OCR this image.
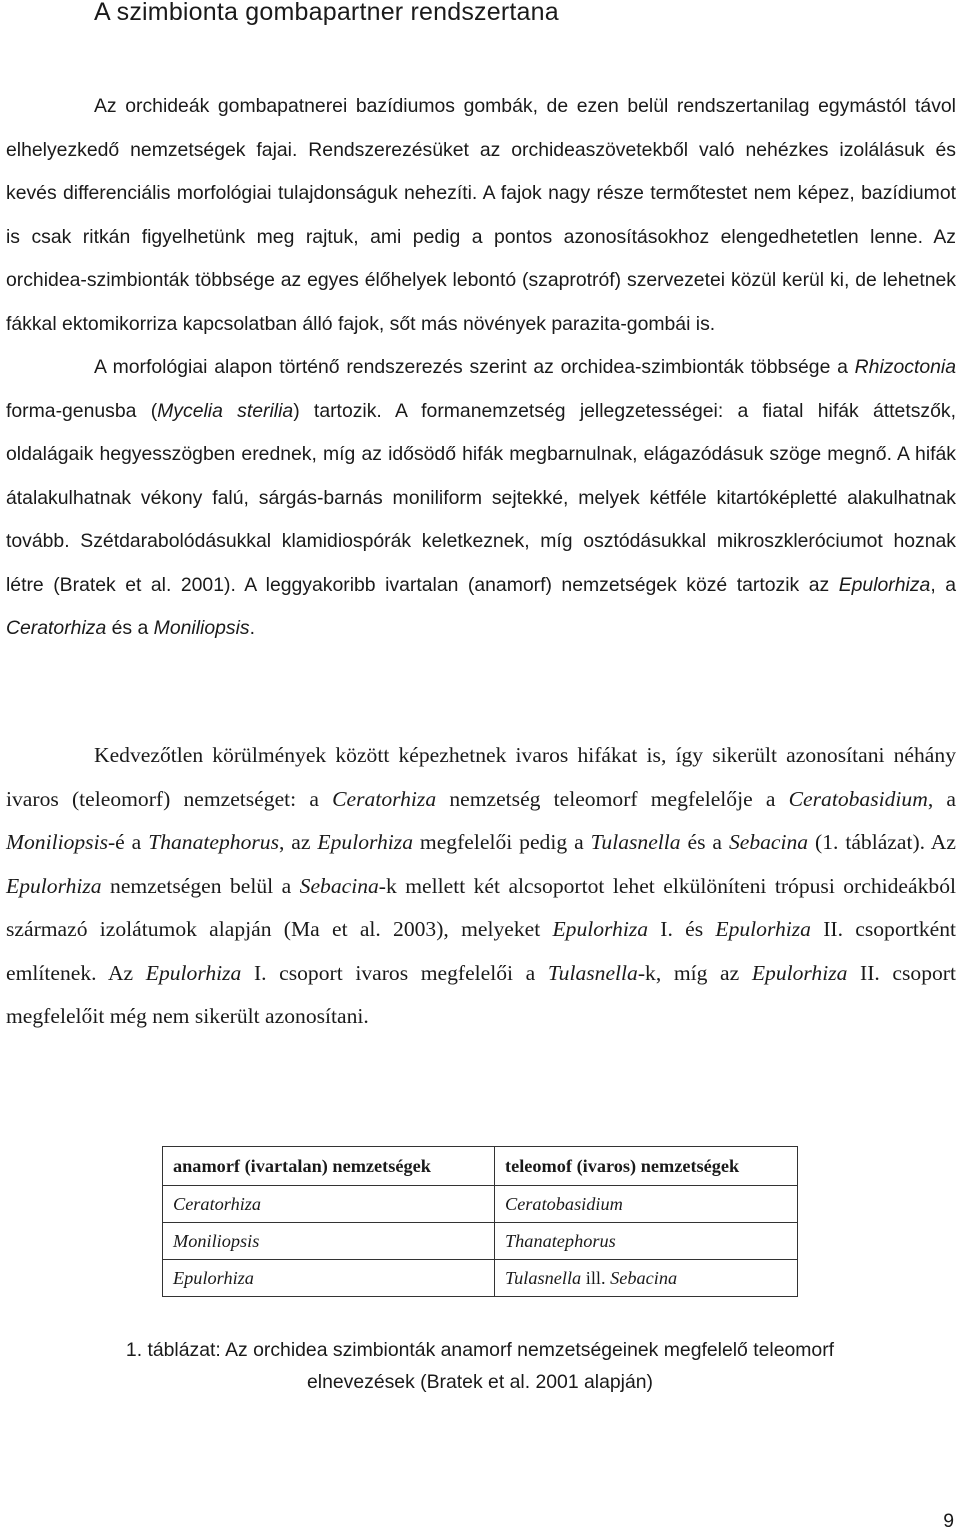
A szimbionta gombapartner rendszertana

Az orchideák gombapatnerei bazídiumos gombák, de ezen belül rendszertanilag egymástól távol elhelyezkedő nemzetségek fajai. Rendszerezésüket az orchideaszövetekből való nehézkes izolálásuk és kevés differenciális morfológiai tulajdonságuk nehezíti. A fajok nagy része termőtestet nem képez, bazídiumot is csak ritkán figyelhetünk meg rajtuk, ami pedig a pontos azonosításokhoz elengedhetetlen lenne. Az orchidea-szimbionták többsége az egyes élőhelyek lebontó (szaprotróf) szervezetei közül kerül ki, de lehetnek fákkal ektomikorriza kapcsolatban álló fajok, sőt más növények parazita-gombái is.

A morfológiai alapon történő rendszerezés szerint az orchidea-szimbionták többsége a Rhizoctonia forma-genusba (Mycelia sterilia) tartozik. A formanemzetség jellegzetességei: a fiatal hifák áttetszők, oldalágaik hegyesszögben erednek, míg az idősödő hifák megbarnulnak, elágazódásuk szöge megnő. A hifák átalakulhatnak vékony falú, sárgás-barnás moniliform sejtekké, melyek kétféle kitartóképletté alakulhatnak tovább. Szétdarabolódásukkal klamidiospórák keletkeznek, míg osztódásukkal mikroszkleróciumot hoznak létre (Bratek et al. 2001). A leggyakoribb ivartalan (anamorf) nemzetségek közé tartozik az Epulorhiza, a Ceratorhiza és a Moniliopsis.

Kedvezőtlen körülmények között képezhetnek ivaros hifákat is, így sikerült azonosítani néhány ivaros (teleomorf) nemzetséget: a Ceratorhiza nemzetség teleomorf megfelelője a Ceratobasidium, a Moniliopsis-é a Thanatephorus, az Epulorhiza megfelelői pedig a Tulasnella és a Sebacina (1. táblázat). Az Epulorhiza nemzetségen belül a Sebacina-k mellett két alcsoportot lehet elkülöníteni trópusi orchideákból származó izolátumok alapján (Ma et al. 2003), melyeket Epulorhiza I. és Epulorhiza II. csoportként említenek. Az Epulorhiza I. csoport ivaros megfelelői a Tulasnella-k, míg az Epulorhiza II. csoport megfelelőit még nem sikerült azonosítani.

anamorf (ivartalan) nemzetségek	teleomof (ivaros) nemzetségek
Ceratorhiza	Ceratobasidium
Moniliopsis	Thanatephorus
Epulorhiza	Tulasnella ill. Sebacina
1. táblázat: Az orchidea szimbionták anamorf nemzetségeinek megfelelő teleomorf
elnevezések (Bratek et al. 2001 alapján)
9
